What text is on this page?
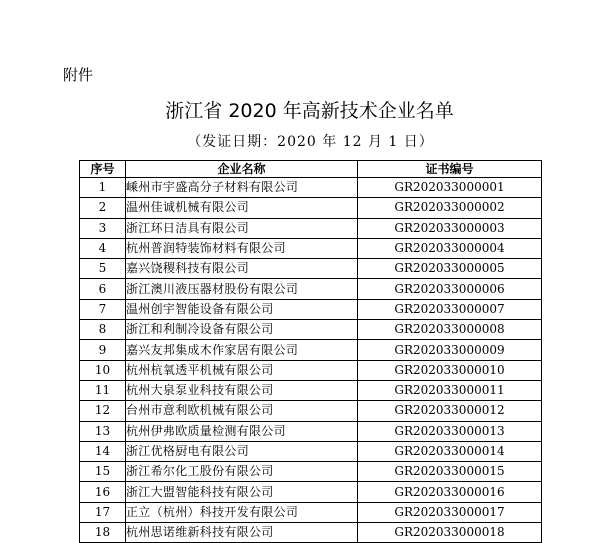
附件
浙江省 2020 年高新技术企业名单
（发证日期：2020 年 12 月 1 日）
序号	企业名称	证书编号
1	嵊州市宇盛高分子材料有限公司	GR202033000001
2	温州佳诚机械有限公司	GR202033000002
3	浙江环日洁具有限公司	GR202033000003
4	杭州普润特装饰材料有限公司	GR202033000004
5	嘉兴饶稷科技有限公司	GR202033000005
6	浙江澳川液压器材股份有限公司	GR202033000006
7	温州创宇智能设备有限公司	GR202033000007
8	浙江和利制冷设备有限公司	GR202033000008
9	嘉兴友邦集成木作家居有限公司	GR202033000009
10	杭州杭氧透平机械有限公司	GR202033000010
11	杭州大泉泵业科技有限公司	GR202033000011
12	台州市意利欧机械有限公司	GR202033000012
13	杭州伊弗欧质量检测有限公司	GR202033000013
14	浙江优格厨电有限公司	GR202033000014
15	浙江希尔化工股份有限公司	GR202033000015
16	浙江大盟智能科技有限公司	GR202033000016
17	正立（杭州）科技开发有限公司	GR202033000017
18	杭州思诺维新科技有限公司	GR202033000018
